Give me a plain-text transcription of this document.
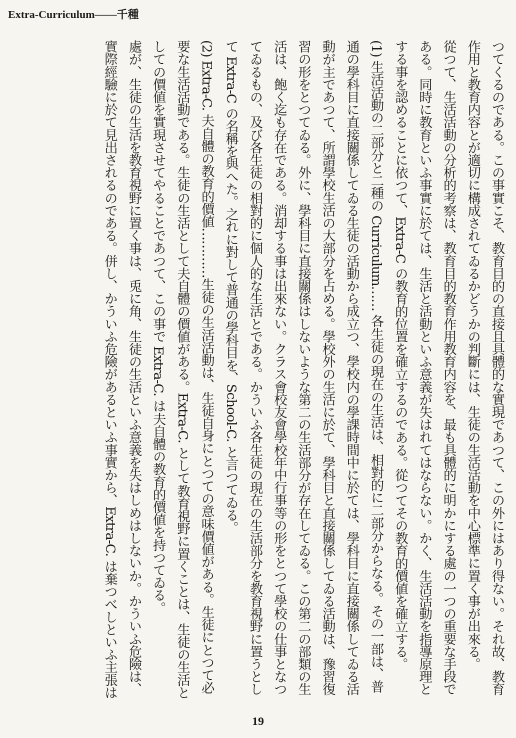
Extra-Curriculum——千種

つてくるのである。この事實こそ、教育目的の直接且具體的な實現であつて、この外にはあり得ない。それ故、教育作用と教育内容とが適切に構成されてゐるかどうかの判斷には、生徒の生活活動を中心標準に置く事が出來る。

從つて、生活活動の分析的考察は、教育目的教育作用教育内容を、最も具體的に明かにする處の一つの重要な手段である。同時に教育といふ事實に於ては、生活と活動といふ意義が失はれてはならない。かく、生活活動を指導原理とする事を認めることに依つて、Extra-C の教育的位置を確立するのである。從つてその教育的價値を確立する。

(1) 生活活動の二部分と二種の Curriculum…… 各生徒の現在の生活は、相對的に二部分からなる。その一部は、普通の學科目に直接關係してゐる生徒の活動から成立つ、學校内の學課時間中に於ては、學科目に直接關係してゐる活動が主であつて、所謂學校生活の大部分を占める。學校外の生活に於て、學科目と直接關係してゐる活動は、豫習復習の形をとつてゐる。外に、學科目に直接關係はしないような第二の生活部分が存在してゐる。この第二の部類の生活は、飽く迄も存在である。消却する事は出來ない。クラス會校友會學校年中行事等の形をとつて學校の仕事となつてゐるもの、及び各生徒の相對的に個人的な生活とである。かういふ各生徒の現在の生活部分を教育視野に置うとして Extra-C の名稱を與へた。之れに對して普通の學科目を、School-C. と言つてゐる。

(2) Extra-C. 夫自體の教育的價値…………生徒の生活活動は、生徒自身にとつての意味價値がある。生徒にとつて必要な生活活動である。生徒の生活として夫自體の價値がある。Extra-C. として教育視野に置くことは、生徒の生活としての價値を實現させてやることであつて、この事で Extra-C. は夫自體の教育的價値を持つてゐる。

處が、生徒の生活を教育視野に置く事は、兎に角、生徒の生活といふ意義を失はしめはしないか。かういふ危險は、實際經驗に於て見出されるのである。併し、かういふ危險があるといふ事實から、Extra-C. は棄つべしといふ主張は

19
